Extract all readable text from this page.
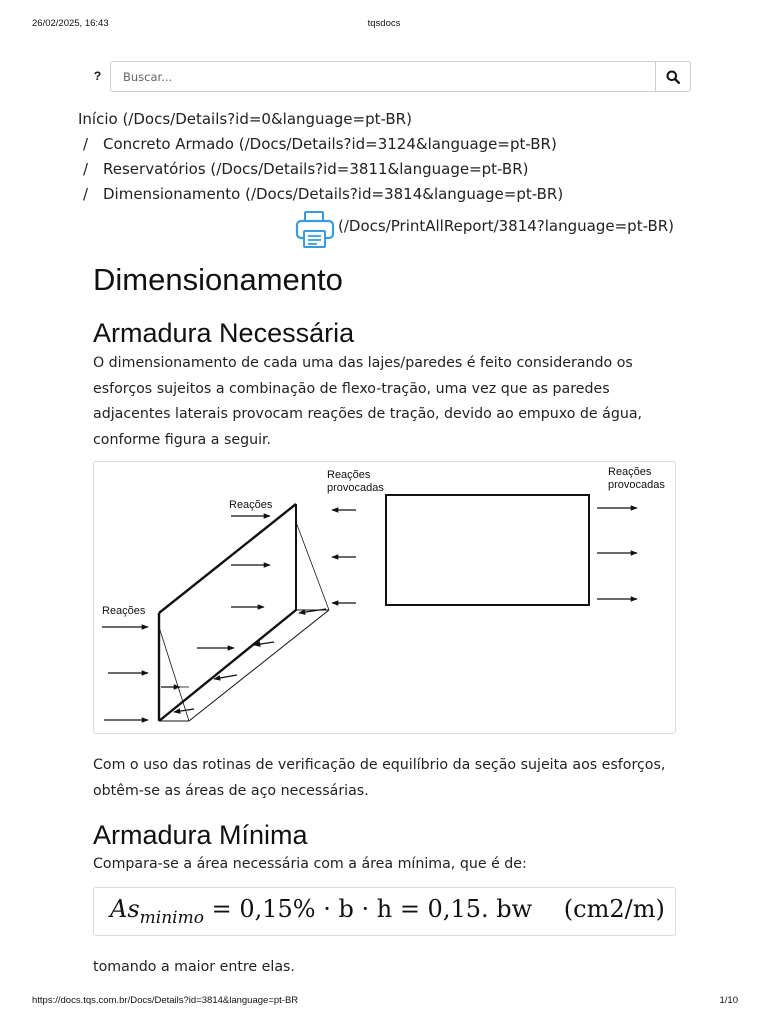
26/02/2025, 16:43	tqsdocs
?
Buscar...
Início (/Docs/Details?id=0&language=pt-BR)
/ Concreto Armado (/Docs/Details?id=3124&language=pt-BR)
/ Reservatórios (/Docs/Details?id=3811&language=pt-BR)
/ Dimensionamento (/Docs/Details?id=3814&language=pt-BR)
(/Docs/PrintAllReport/3814?language=pt-BR)
Dimensionamento
Armadura Necessária

O dimensionamento de cada uma das lajes/paredes é feito considerando os esforços sujeitos a combinação de flexo-tração, uma vez que as paredes adjacentes laterais provocam reações de tração, devido ao empuxo de água, conforme figura a seguir.

Com o uso das rotinas de verificação de equilíbrio da seção sujeita aos esforços, obtêm-se as áreas de aço necessárias.

Armadura Mínima

Compara-se a área necessária com a área mínima, que é de:

tomando a maior entre elas.

Reações
Reações
Reações
provocadas
Reações
provocadas
$As_{minimo} = 0,15\% \cdot b \cdot h = 0,15$. bw (cm2/m)
https://docs.tqs.com.br/Docs/Details?id=3814&language=pt-BR	1/10
